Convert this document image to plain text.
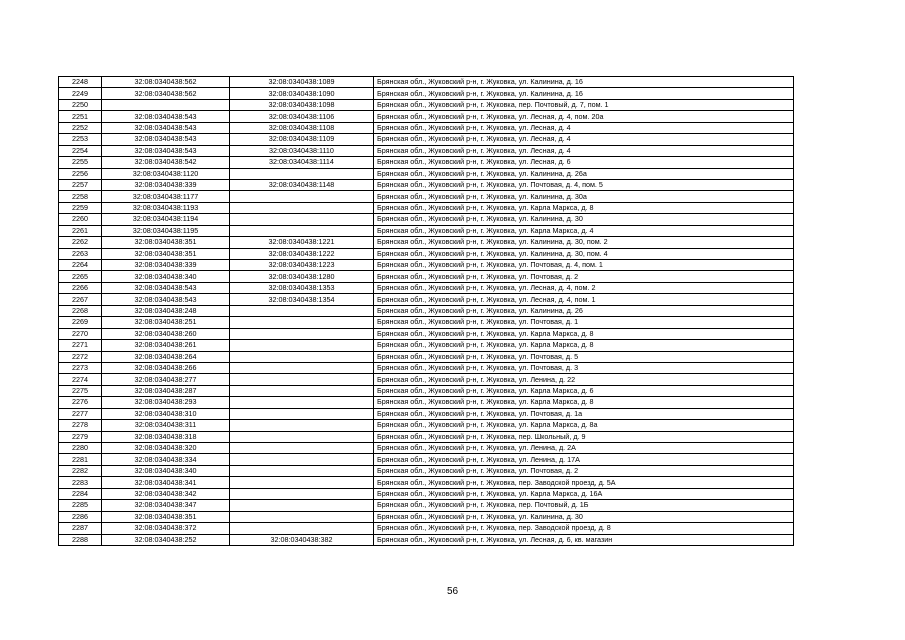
2248	32:08:0340438:562	32:08:0340438:1089	Брянская обл., Жуковский р-н, г. Жуковка, ул. Калинина, д. 16
2249	32:08:0340438:562	32:08:0340438:1090	Брянская обл., Жуковский р-н, г. Жуковка, ул. Калинина, д. 16
2250		32:08:0340438:1098	Брянская обл., Жуковский р-н, г. Жуковка, пер. Почтовый, д. 7, пом. 1
2251	32:08:0340438:543	32:08:0340438:1106	Брянская обл., Жуковский р-н, г. Жуковка, ул. Лесная, д. 4, пом. 20а
2252	32:08:0340438:543	32:08:0340438:1108	Брянская обл., Жуковский р-н, г. Жуковка, ул. Лесная, д. 4
2253	32:08:0340438:543	32:08:0340438:1109	Брянская обл., Жуковский р-н, г. Жуковка, ул. Лесная, д. 4
2254	32:08:0340438:543	32:08:0340438:1110	Брянская обл., Жуковский р-н, г. Жуковка, ул. Лесная, д. 4
2255	32:08:0340438:542	32:08:0340438:1114	Брянская обл., Жуковский р-н, г. Жуковка, ул. Лесная, д. 6
2256	32:08:0340438:1120		Брянская обл., Жуковский р-н, г. Жуковка, ул. Калинина, д. 26а
2257	32:08:0340438:339	32:08:0340438:1148	Брянская обл., Жуковский р-н, г. Жуковка, ул. Почтовая, д. 4, пом. 5
2258	32:08:0340438:1177		Брянская обл., Жуковский р-н, г. Жуковка, ул. Калинина, д. 30а
2259	32:08:0340438:1193		Брянская обл., Жуковский р-н, г. Жуковка, ул. Карла Маркса, д. 8
2260	32:08:0340438:1194		Брянская обл., Жуковский р-н, г. Жуковка, ул. Калинина, д. 30
2261	32:08:0340438:1195		Брянская обл., Жуковский р-н, г. Жуковка, ул. Карла Маркса, д. 4
2262	32:08:0340438:351	32:08:0340438:1221	Брянская обл., Жуковский р-н, г. Жуковка, ул. Калинина, д. 30, пом. 2
2263	32:08:0340438:351	32:08:0340438:1222	Брянская обл., Жуковский р-н, г. Жуковка, ул. Калинина, д. 30, пом. 4
2264	32:08:0340438:339	32:08:0340438:1223	Брянская обл., Жуковский р-н, г. Жуковка, ул. Почтовая, д. 4, пом. 1
2265	32:08:0340438:340	32:08:0340438:1280	Брянская обл., Жуковский р-н, г. Жуковка, ул. Почтовая, д. 2
2266	32:08:0340438:543	32:08:0340438:1353	Брянская обл., Жуковский р-н, г. Жуковка, ул. Лесная, д. 4, пом. 2
2267	32:08:0340438:543	32:08:0340438:1354	Брянская обл., Жуковский р-н, г. Жуковка, ул. Лесная, д. 4, пом. 1
2268	32:08:0340438:248		Брянская обл., Жуковский р-н, г. Жуковка, ул. Калинина, д. 26
2269	32:08:0340438:251		Брянская обл., Жуковский р-н, г. Жуковка, ул. Почтовая, д. 1
2270	32:08:0340438:260		Брянская обл., Жуковский р-н, г. Жуковка, ул. Карла Маркса, д. 8
2271	32:08:0340438:261		Брянская обл., Жуковский р-н, г. Жуковка, ул. Карла Маркса, д. 8
2272	32:08:0340438:264		Брянская обл., Жуковский р-н, г. Жуковка, ул. Почтовая, д. 5
2273	32:08:0340438:266		Брянская обл., Жуковский р-н, г. Жуковка, ул. Почтовая, д. 3
2274	32:08:0340438:277		Брянская обл., Жуковский р-н, г. Жуковка, ул. Ленина, д. 22
2275	32:08:0340438:287		Брянская обл., Жуковский р-н, г. Жуковка, ул. Карла Маркса, д. 6
2276	32:08:0340438:293		Брянская обл., Жуковский р-н, г. Жуковка, ул. Карла Маркса, д. 8
2277	32:08:0340438:310		Брянская обл., Жуковский р-н, г. Жуковка, ул. Почтовая, д. 1а
2278	32:08:0340438:311		Брянская обл., Жуковский р-н, г. Жуковка, ул. Карла Маркса, д. 8а
2279	32:08:0340438:318		Брянская обл., Жуковский р-н, г. Жуковка, пер. Школьный, д. 9
2280	32:08:0340438:320		Брянская обл., Жуковский р-н, г. Жуковка, ул. Ленина, д. 2А
2281	32:08:0340438:334		Брянская обл., Жуковский р-н, г. Жуковка, ул. Ленина, д. 17А
2282	32:08:0340438:340		Брянская обл., Жуковский р-н, г. Жуковка, ул. Почтовая, д. 2
2283	32:08:0340438:341		Брянская обл., Жуковский р-н, г. Жуковка, пер. Заводской проезд, д. 5А
2284	32:08:0340438:342		Брянская обл., Жуковский р-н, г. Жуковка, ул. Карла Маркса, д. 16А
2285	32:08:0340438:347		Брянская обл., Жуковский р-н, г. Жуковка, пер. Почтовый, д. 1Б
2286	32:08:0340438:351		Брянская обл., Жуковский р-н, г. Жуковка, ул. Калинина, д. 30
2287	32:08:0340438:372		Брянская обл., Жуковский р-н, г. Жуковка, пер. Заводской проезд, д. 8
2288	32:08:0340438:252	32:08:0340438:382	Брянская обл., Жуковский р-н, г. Жуковка, ул. Лесная, д. 6, кв. магазин
56
